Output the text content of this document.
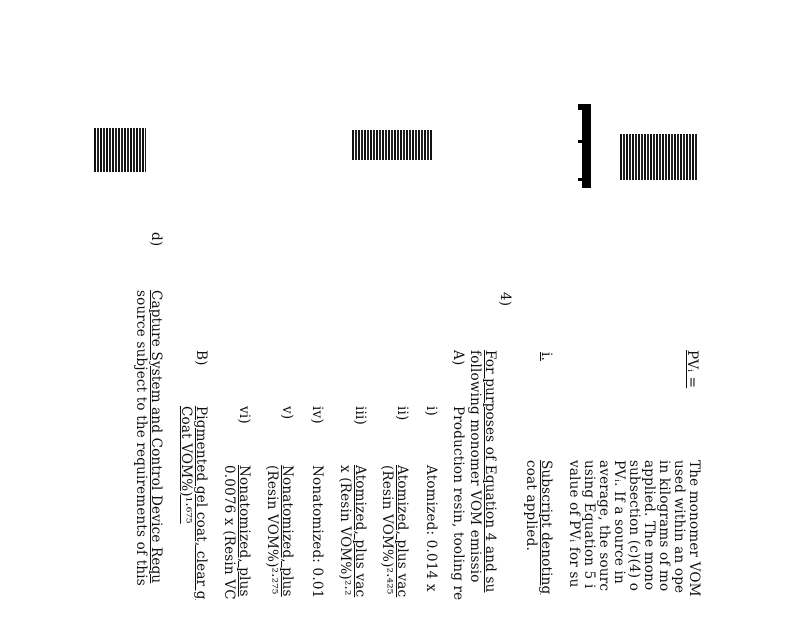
PVᵢ =
The monomer VOM
used within an ope
in kilograms of mo
applied. The mono
subsection (c)(4) o
PVᵢ. If a source in
average, the sourc
using Equation 5 i
value of PVᵢ for su
i.
Subscript denoting
coat applied.
4)
For purposes of Equation 4 and su
following monomer VOM emissio
A)
Production resin, tooling re
i)
Atomized: 0.014 x
ii)
Atomized, plus vac
(Resin VOM%)²·⁴²⁵
iii)
Atomized, plus vac
x (Resin VOM%)²·²
iv)
Nonatomized: 0.01
v)
Nonatomized, plus
(Resin VOM%)²·²⁷⁵
vi)
Nonatomized, plus
0.0076 x (Resin VC
B)
Pigmented gel coat, clear g
Coat VOM%)¹·⁶⁷⁵
d)
Capture System and Control Device Requ
source subject to the requirements of this
